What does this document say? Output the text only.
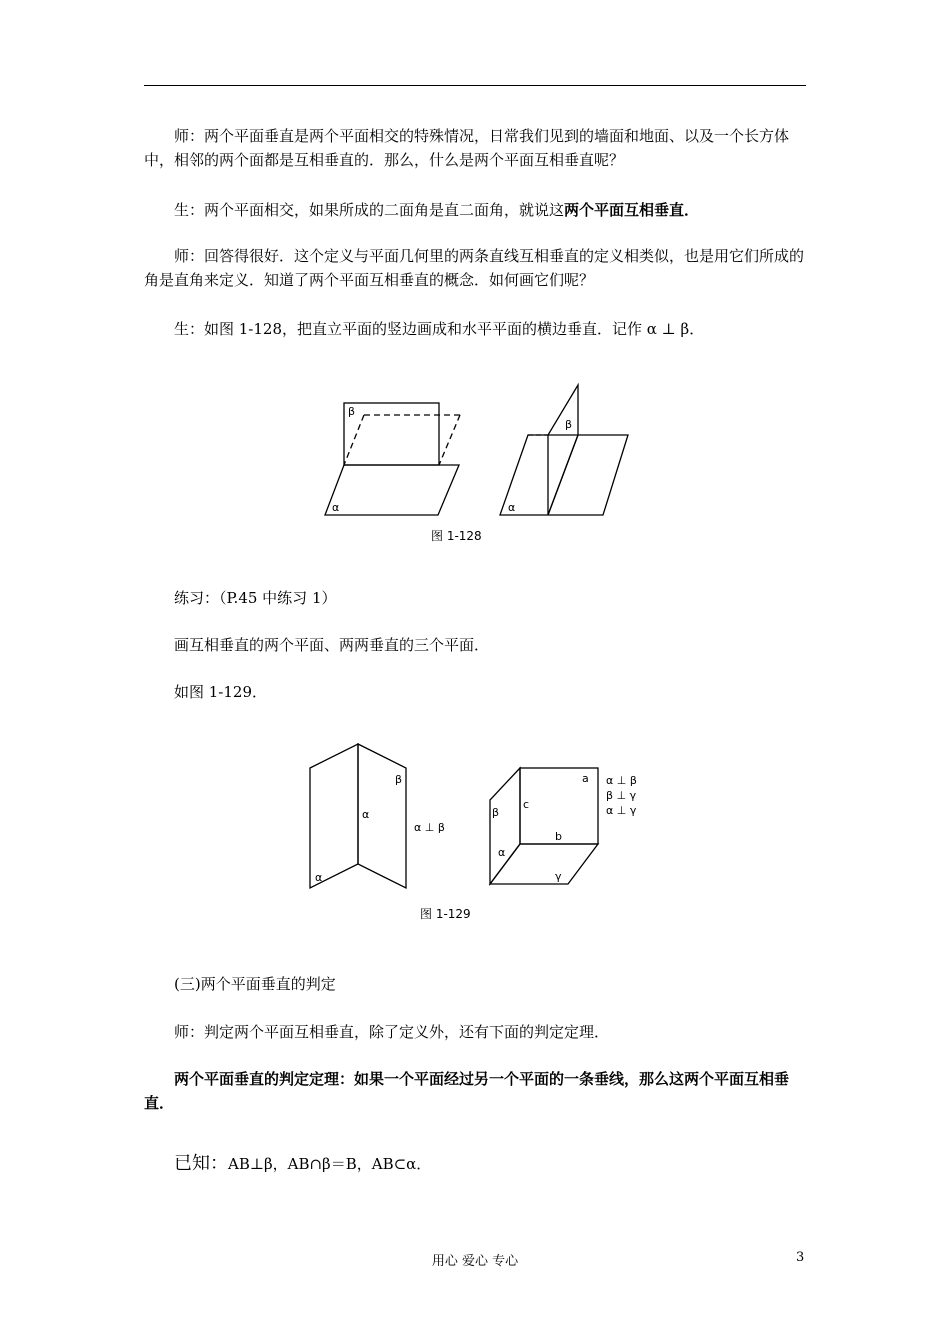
师：两个平面垂直是两个平面相交的特殊情况，日常我们见到的墙面和地面、以及一个长方体中，相邻的两个面都是互相垂直的．那么，什么是两个平面互相垂直呢？

生：两个平面相交，如果所成的二面角是直二面角，就说这两个平面互相垂直．

师：回答得很好．这个定义与平面几何里的两条直线互相垂直的定义相类似，也是用它们所成的角是直角来定义．知道了两个平面互相垂直的概念．如何画它们呢？

生：如图 1-128，把直立平面的竖边画成和水平平面的横边垂直．记作 α ⊥ β．

β
α
β
α
图 1-128

练习：（P.45 中练习 1）

画互相垂直的两个平面、两两垂直的三个平面．

如图 1-129．

β
α
α
α ⊥ β
a
c
β
b
α
γ
α ⊥ β
β ⊥ γ
α ⊥ γ
图 1-129

(三)两个平面垂直的判定

师：判定两个平面互相垂直，除了定义外，还有下面的判定定理．

两个平面垂直的判定定理：如果一个平面经过另一个平面的一条垂线，那么这两个平面互相垂直．

已知：AB⊥β，AB∩β＝B，AB⊂α．

用心 爱心 专心	3
